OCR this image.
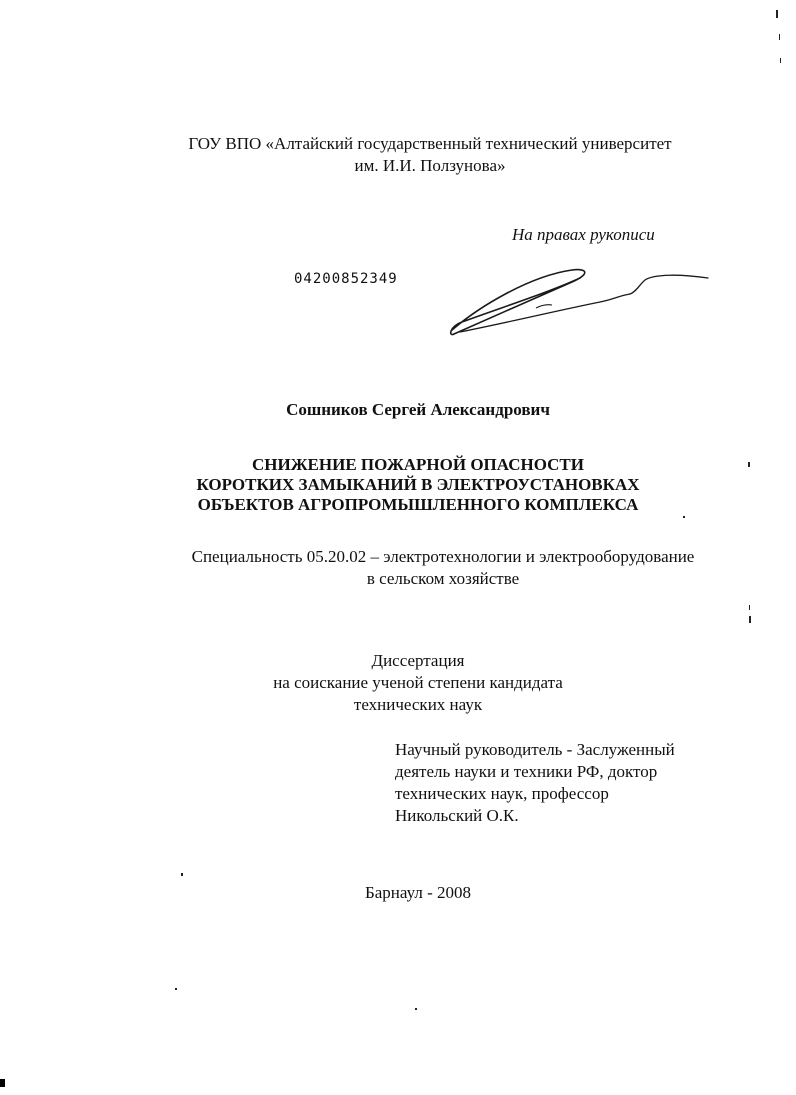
ГОУ ВПО «Алтайский государственный технический университет
им. И.И. Ползунова»
На правах рукописи
04200852349
Сошников Сергей Александрович
СНИЖЕНИЕ ПОЖАРНОЙ ОПАСНОСТИ
КОРОТКИХ ЗАМЫКАНИЙ В ЭЛЕКТРОУСТАНОВКАХ
ОБЪЕКТОВ АГРОПРОМЫШЛЕННОГО КОМПЛЕКСА
Специальность 05.20.02 – электротехнологии и электрооборудование
в сельском хозяйстве
Диссертация
на соискание ученой степени кандидата
технических наук
Научный руководитель - Заслуженный
деятель науки и техники РФ, доктор
технических наук, профессор
Никольский О.К.
Барнаул - 2008
